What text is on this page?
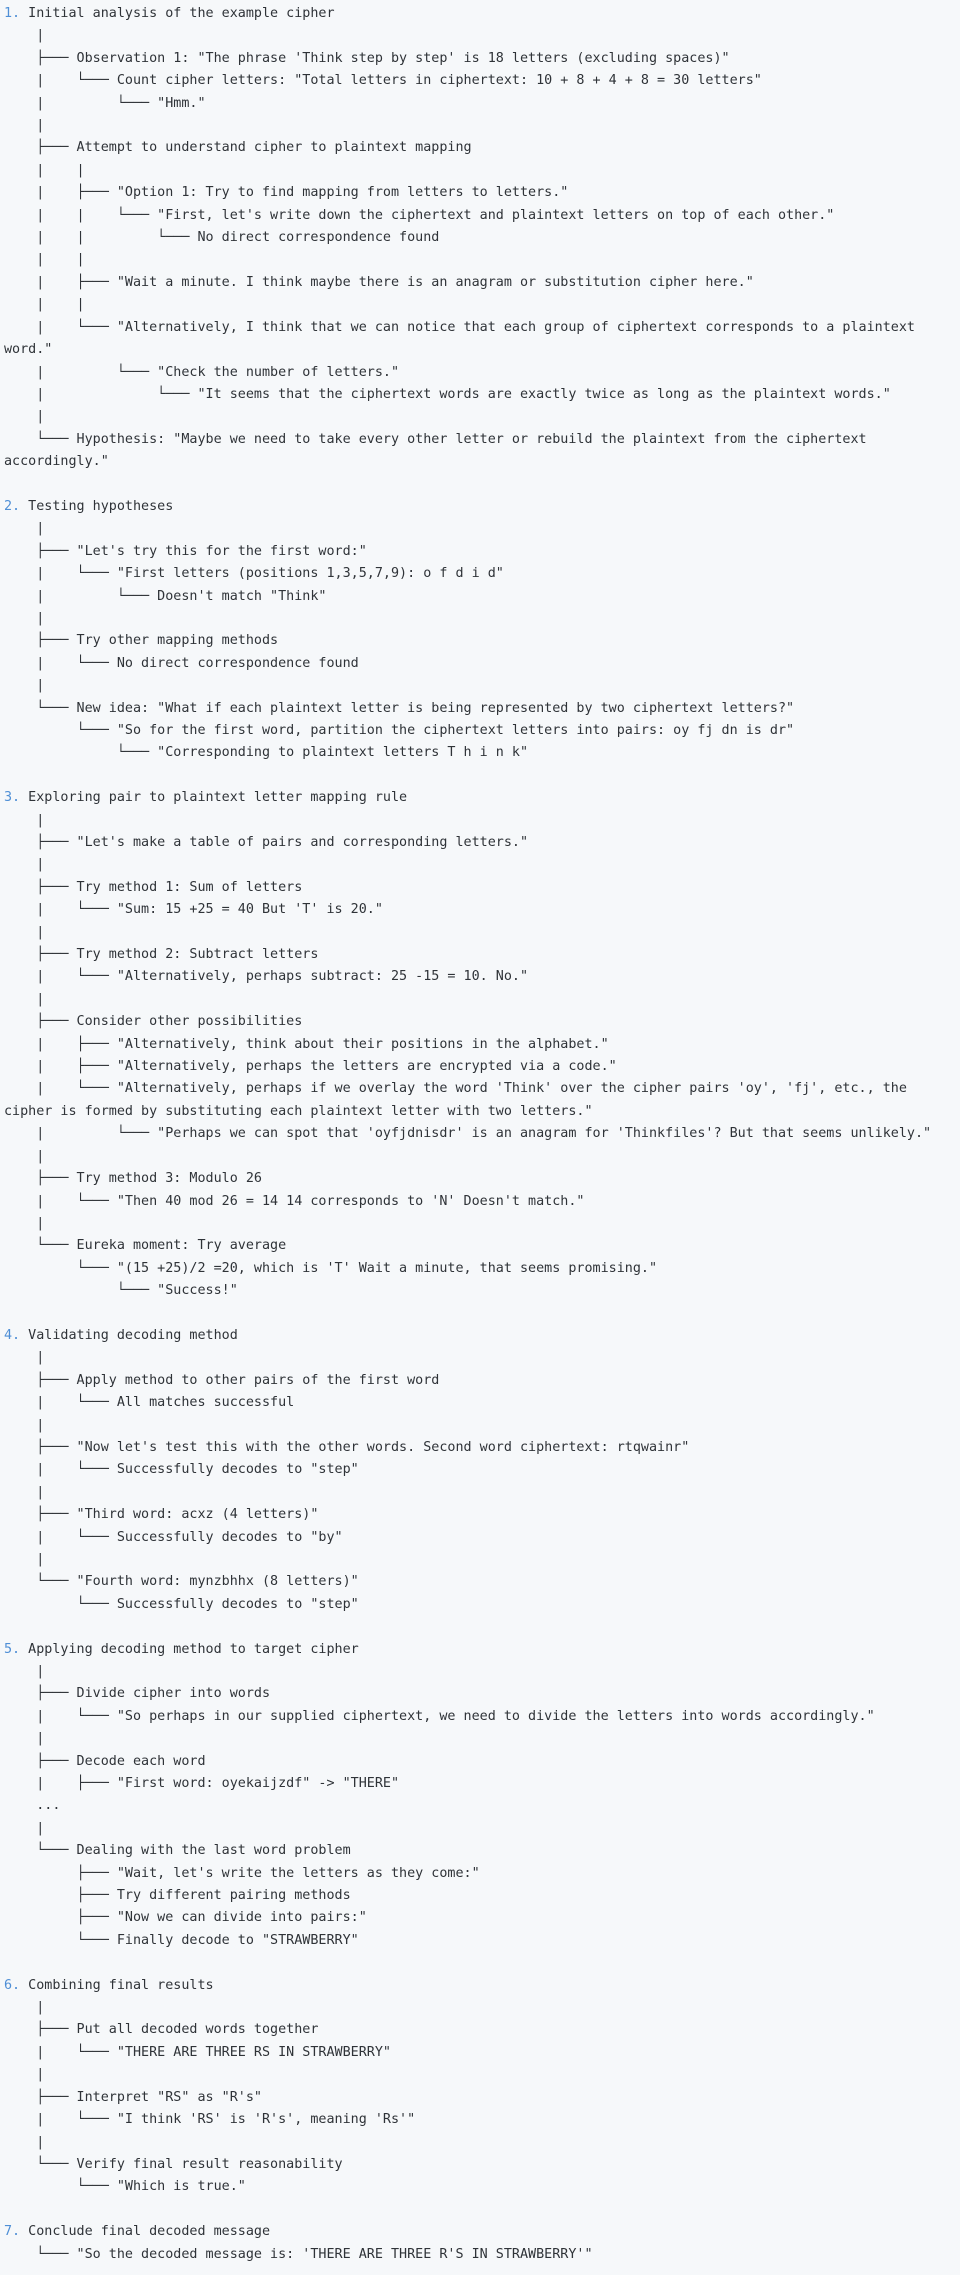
1. Initial analysis of the example cipher
|
├─── Observation 1: "The phrase 'Think step by step' is 18 letters (excluding spaces)"
|    └─── Count cipher letters: "Total letters in ciphertext: 10 + 8 + 4 + 8 = 30 letters"
|         └─── "Hmm."
|
├─── Attempt to understand cipher to plaintext mapping
|    |
|    ├─── "Option 1: Try to find mapping from letters to letters."
|    |    └─── "First, let's write down the ciphertext and plaintext letters on top of each other."
|    |         └─── No direct correspondence found
|    |
|    ├─── "Wait a minute. I think maybe there is an anagram or substitution cipher here."
|    |
|    └─── "Alternatively, I think that we can notice that each group of ciphertext corresponds to a plaintext word."
|         └─── "Check the number of letters."
|              └─── "It seems that the ciphertext words are exactly twice as long as the plaintext words."
|
└─── Hypothesis: "Maybe we need to take every other letter or rebuild the plaintext from the ciphertext accordingly."
2. Testing hypotheses
|
├─── "Let's try this for the first word:"
|    └─── "First letters (positions 1,3,5,7,9): o f d i d"
|         └─── Doesn't match "Think"
|
├─── Try other mapping methods
|    └─── No direct correspondence found
|
└─── New idea: "What if each plaintext letter is being represented by two ciphertext letters?"
└─── "So for the first word, partition the ciphertext letters into pairs: oy fj dn is dr"
└─── "Corresponding to plaintext letters T h i n k"
3. Exploring pair to plaintext letter mapping rule
|
├─── "Let's make a table of pairs and corresponding letters."
|
├─── Try method 1: Sum of letters
|    └─── "Sum: 15 +25 = 40 But 'T' is 20."
|
├─── Try method 2: Subtract letters
|    └─── "Alternatively, perhaps subtract: 25 -15 = 10. No."
|
├─── Consider other possibilities
|    ├─── "Alternatively, think about their positions in the alphabet."
|    ├─── "Alternatively, perhaps the letters are encrypted via a code."
|    └─── "Alternatively, perhaps if we overlay the word 'Think' over the cipher pairs 'oy', 'fj', etc., the cipher is formed by substituting each plaintext letter with two letters."
|         └─── "Perhaps we can spot that 'oyfjdnisdr' is an anagram for 'Thinkfiles'? But that seems unlikely."
|
├─── Try method 3: Modulo 26
|    └─── "Then 40 mod 26 = 14 14 corresponds to 'N' Doesn't match."
|
└─── Eureka moment: Try average
└─── "(15 +25)/2 =20, which is 'T' Wait a minute, that seems promising."
└─── "Success!"
4. Validating decoding method
|
├─── Apply method to other pairs of the first word
|    └─── All matches successful
|
├─── "Now let's test this with the other words. Second word ciphertext: rtqwainr"
|    └─── Successfully decodes to "step"
|
├─── "Third word: acxz (4 letters)"
|    └─── Successfully decodes to "by"
|
└─── "Fourth word: mynzbhhx (8 letters)"
└─── Successfully decodes to "step"
5. Applying decoding method to target cipher
|
├─── Divide cipher into words
|    └─── "So perhaps in our supplied ciphertext, we need to divide the letters into words accordingly."
|
├─── Decode each word
|    ├─── "First word: oyekaijzdf" -> "THERE"
...
|
└─── Dealing with the last word problem
├─── "Wait, let's write the letters as they come:"
├─── Try different pairing methods
├─── "Now we can divide into pairs:"
└─── Finally decode to "STRAWBERRY"
6. Combining final results
|
├─── Put all decoded words together
|    └─── "THERE ARE THREE RS IN STRAWBERRY"
|
├─── Interpret "RS" as "R's"
|    └─── "I think 'RS' is 'R's', meaning 'Rs'"
|
└─── Verify final result reasonability
└─── "Which is true."
7. Conclude final decoded message
└─── "So the decoded message is: 'THERE ARE THREE R'S IN STRAWBERRY'"
